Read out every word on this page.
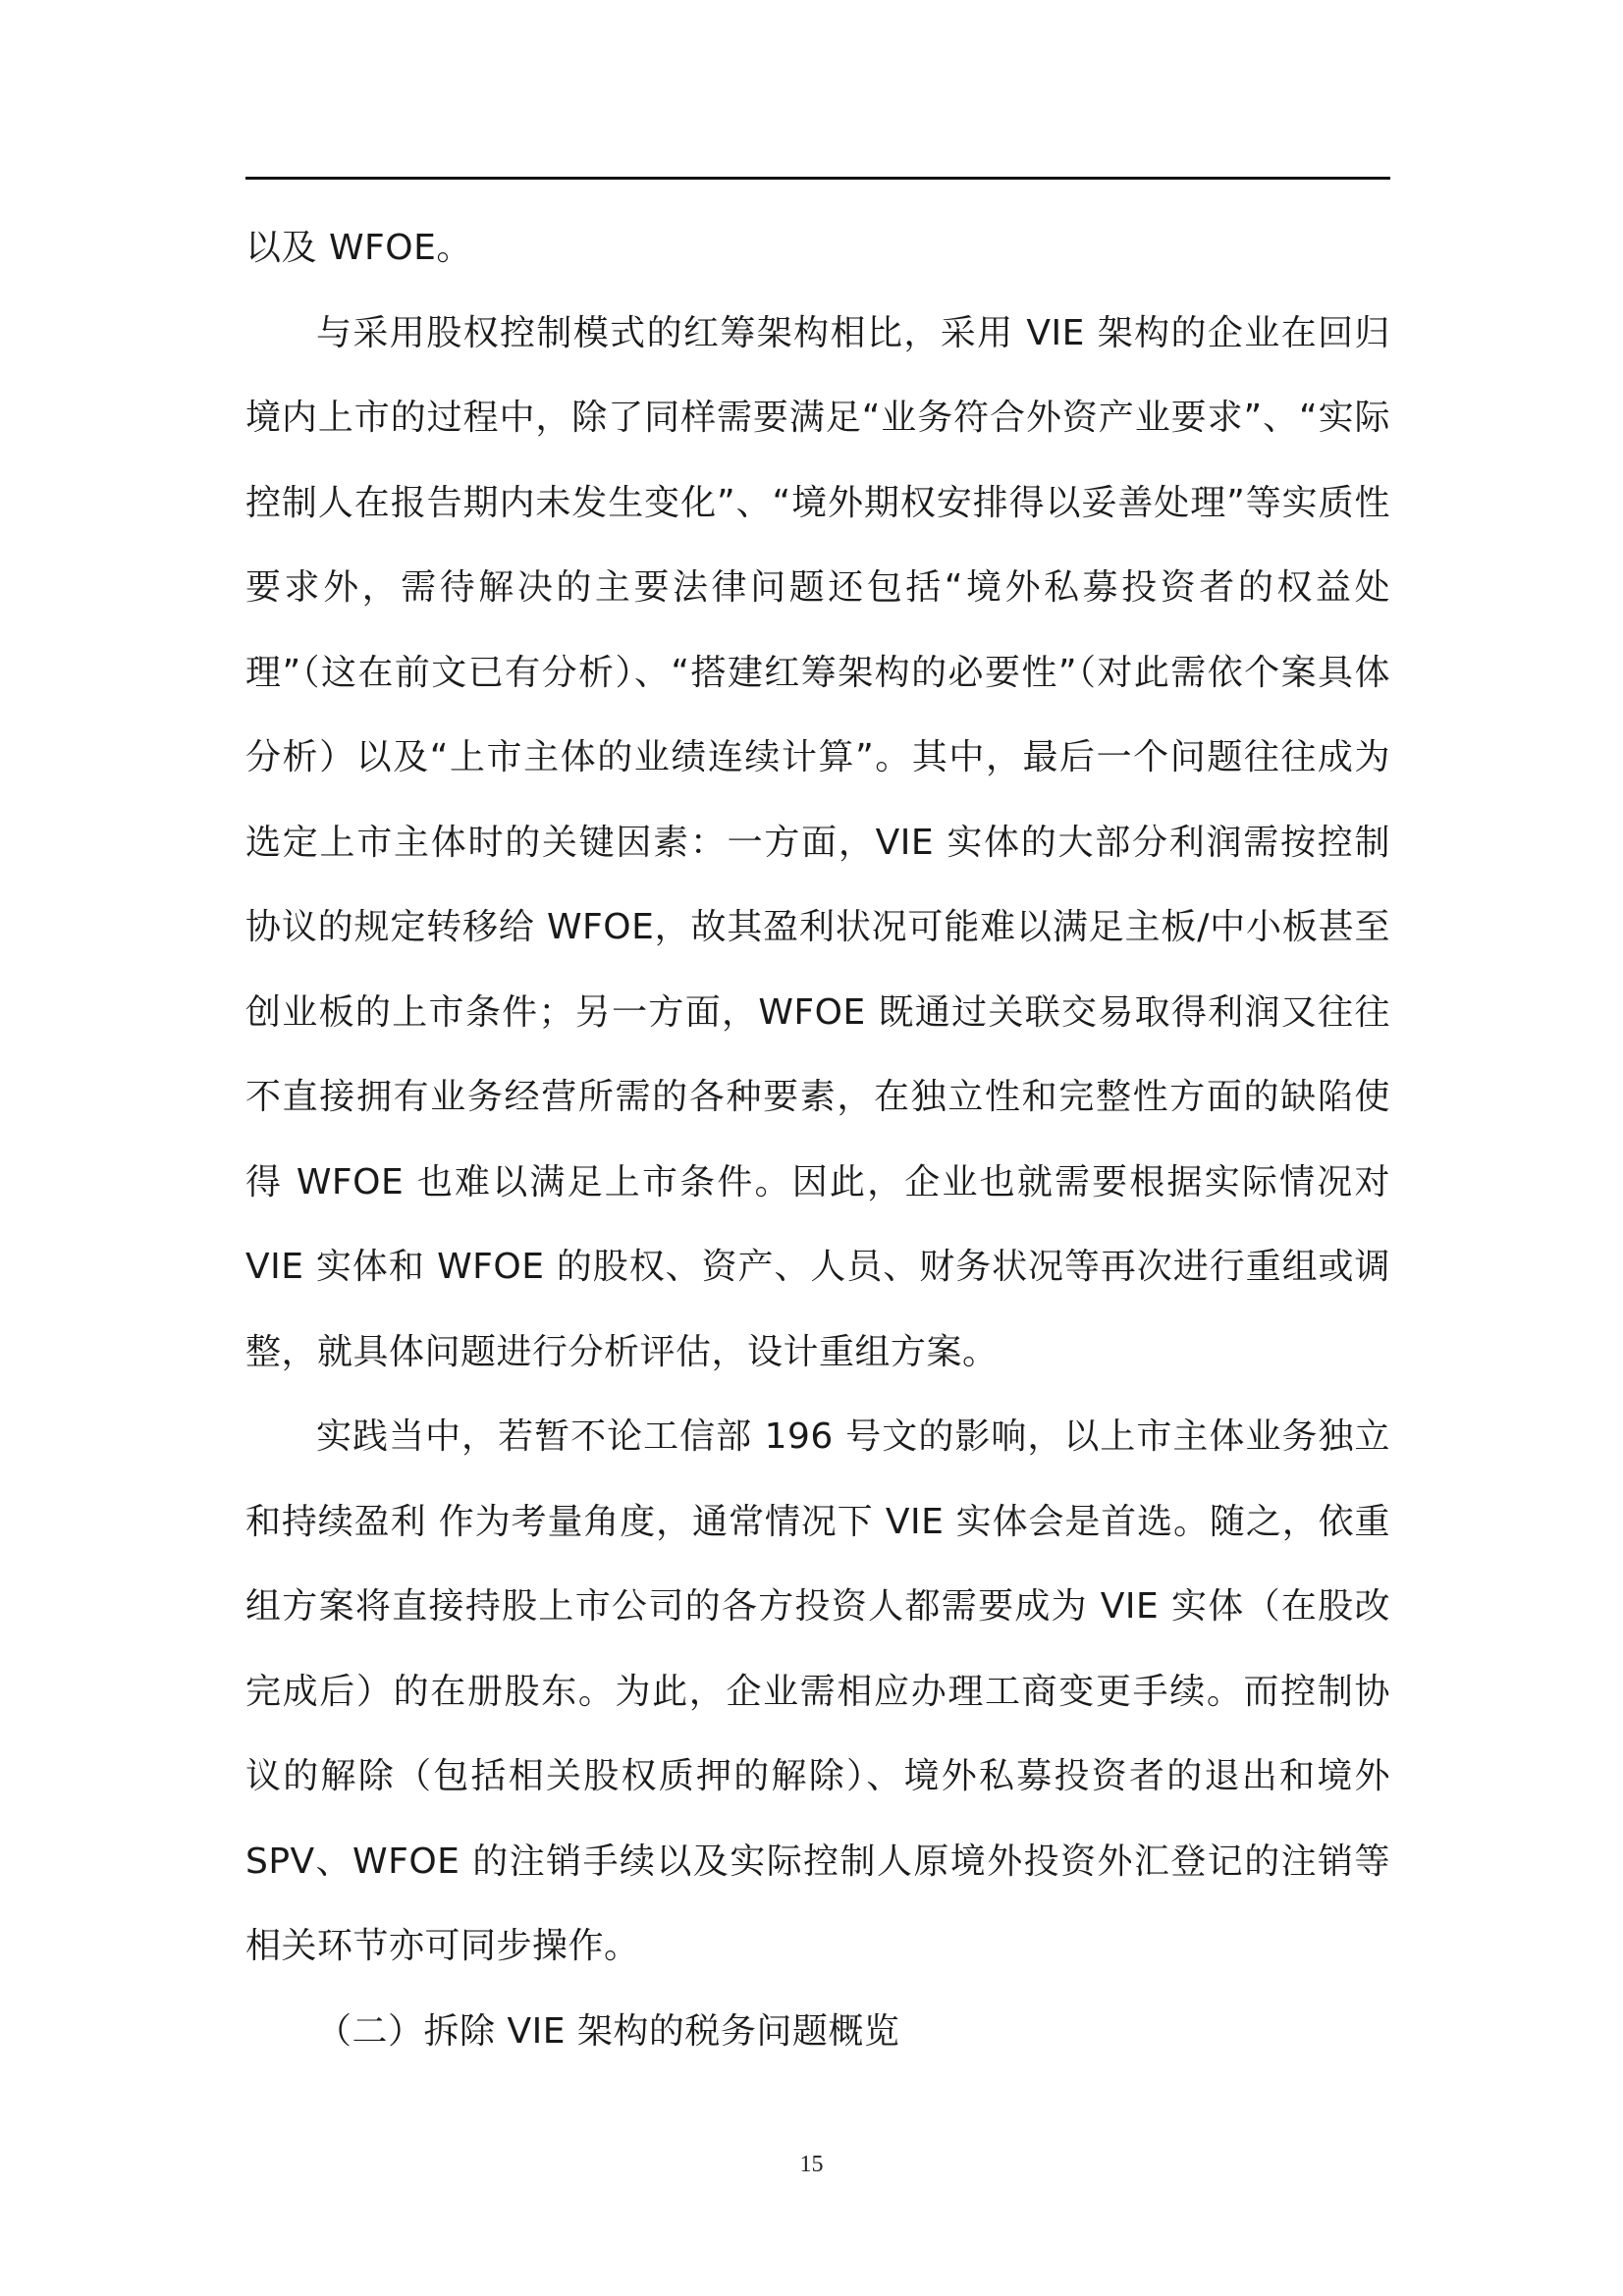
以及 WFOE。

与采用股权控制模式的红筹架构相比，采用 VIE 架构的企业在回归境内上市的过程中，除了同样需要满足“业务符合外资产业要求”、“实际控制人在报告期内未发生变化”、“境外期权安排得以妥善处理”等实质性要求外，需待解决的主要法律问题还包括“境外私募投资者的权益处理”（这在前文已有分析）、“搭建红筹架构的必要性”（对此需依个案具体分析）以及“上市主体的业绩连续计算”。其中，最后一个问题往往成为选定上市主体时的关键因素：一方面，VIE 实体的大部分利润需按控制协议的规定转移给 WFOE，故其盈利状况可能难以满足主板/中小板甚至创业板的上市条件；另一方面，WFOE 既通过关联交易取得利润又往往不直接拥有业务经营所需的各种要素，在独立性和完整性方面的缺陷使得 WFOE 也难以满足上市条件。因此，企业也就需要根据实际情况对 VIE 实体和 WFOE 的股权、资产、人员、财务状况等再次进行重组或调整，就具体问题进行分析评估，设计重组方案。

实践当中，若暂不论工信部 196 号文的影响，以上市主体业务独立和持续盈利 作为考量角度，通常情况下 VIE 实体会是首选。随之，依重组方案将直接持股上市公司的各方投资人都需要成为 VIE 实体（在股改完成后）的在册股东。为此，企业需相应办理工商变更手续。而控制协议的解除（包括相关股权质押的解除）、境外私募投资者的退出和境外 SPV、WFOE 的注销手续以及实际控制人原境外投资外汇登记的注销等相关环节亦可同步操作。

（二）拆除 VIE 架构的税务问题概览

15
